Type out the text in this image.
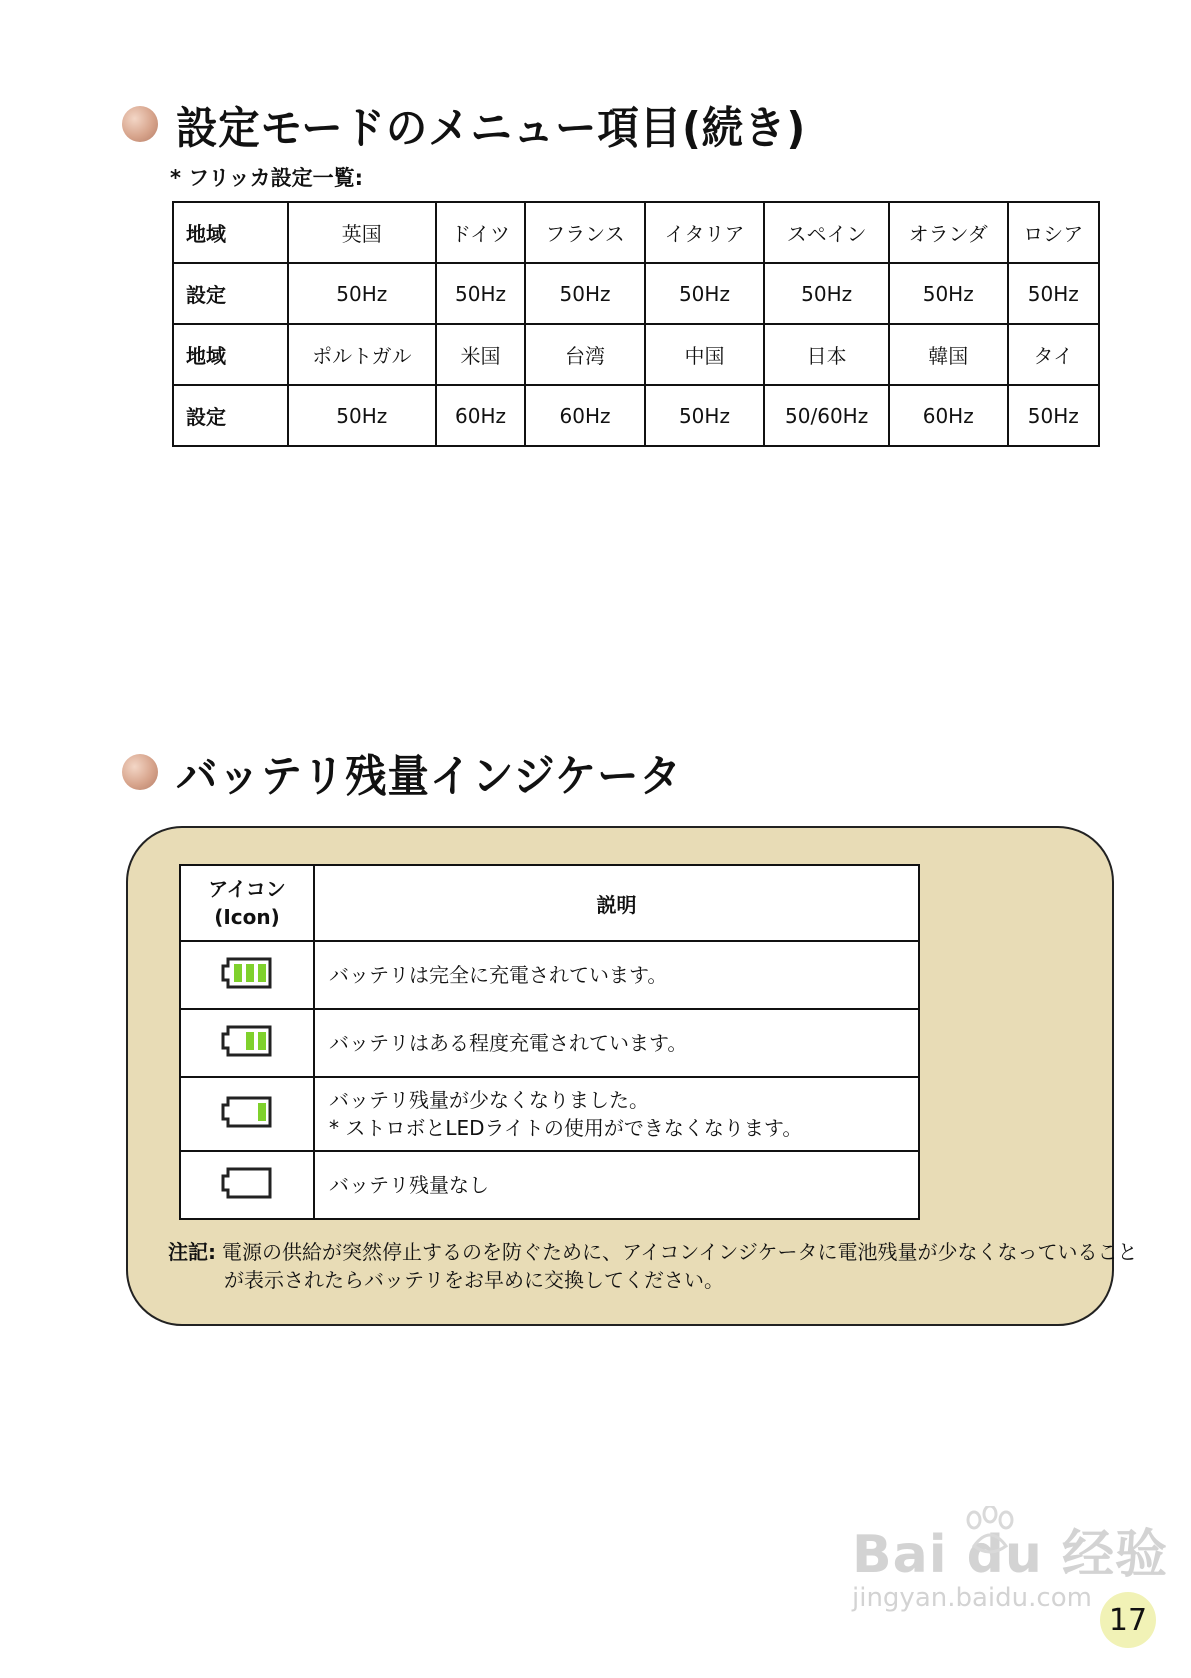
設定モードのメニュー項目(続き)
* フリッカ設定一覧:
地域	英国	ドイツ	フランス	イタリア	スペイン	オランダ	ロシア
設定	50Hz	50Hz	50Hz	50Hz	50Hz	50Hz	50Hz
地域	ポルトガル	米国	台湾	中国	日本	韓国	タイ
設定	50Hz	60Hz	60Hz	50Hz	50/60Hz	60Hz	50Hz
バッテリ残量インジケータ
アイコン
(Icon)	説明

バッテリは完全に充電されています。

バッテリはある程度充電されています。

バッテリ残量が少なくなりました。
* ストロボとLEDライトの使用ができなくなります。

バッテリ残量なし
注記: 電源の供給が突然停止するのを防ぐために、アイコンインジケータに電池残量が少なくなっていること
が表示されたらバッテリをお早めに交換してください。
Bai du 经验
jingyan.baidu.com
17
